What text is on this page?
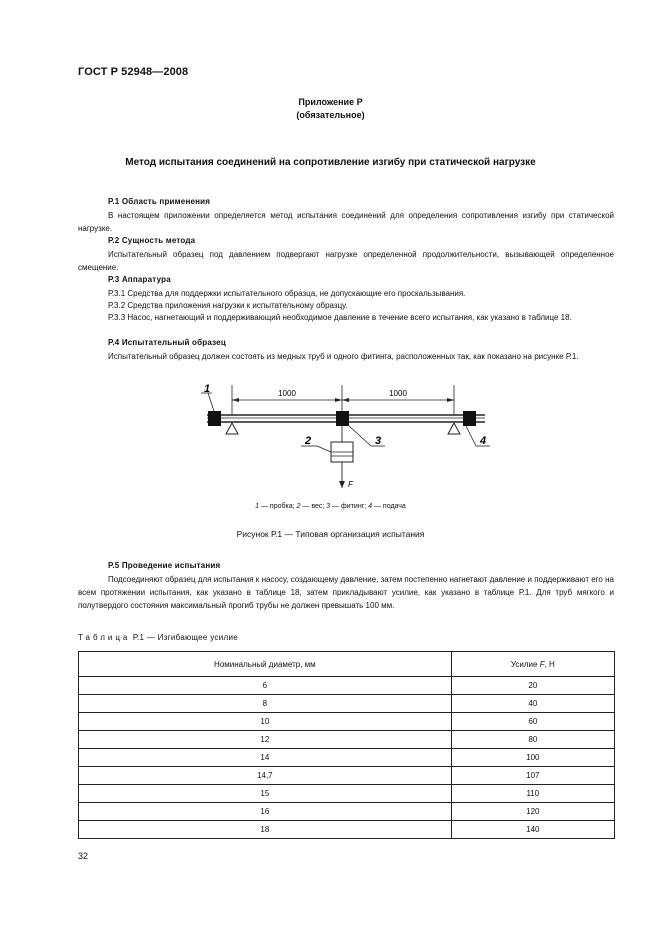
ГОСТ Р 52948—2008
Приложение Р
(обязательное)
Метод испытания соединений на сопротивление изгибу при статической нагрузке
Р.1 Область применения
В настоящем приложении определяется метод испытания соединений для определения сопротивления изгибу при статической нагрузке.
Р.2 Сущность метода
Испытательный образец под давлением подвергают нагрузке определенной продолжительности, вызывающей определенное смещение.
Р.3 Аппаратура
Р.3.1 Средства для поддержки испытательного образца, не допускающие его проскальзывания.
Р.3.2 Средства приложения нагрузки к испытательному образцу.
Р.3.3 Насос, нагнетающий и поддерживающий необходимое давление в течение всего испытания, как указано в таблице 18.
Р.4 Испытательный образец
Испытательный образец должен состоять из медных труб и одного фитинга, расположенных так, как показано на рисунке Р.1.
1000	1000
F
1
2	3	4
1 — пробка; 2 — вес; 3 — фитинг; 4 — подача
Рисунок Р.1 — Типовая организация испытания
Р.5 Проведение испытания
Подсоединяют образец для испытания к насосу, создающему давление, затем постепенно нагнетают давление и поддерживают его на всем протяжении испытания, как указано в таблице 18, затем прикладывают усилие, как указано в таблице Р.1. Для труб мягкого и полутвердого состояния максимальный прогиб трубы не должен превышать 100 мм.
Таблица Р.1 — Изгибающее усилие
Номинальный диаметр, мм	Усилие F, Н
6	20
8	40
10	60
12	80
14	100
14,7	107
15	110
16	120
18	140
32
